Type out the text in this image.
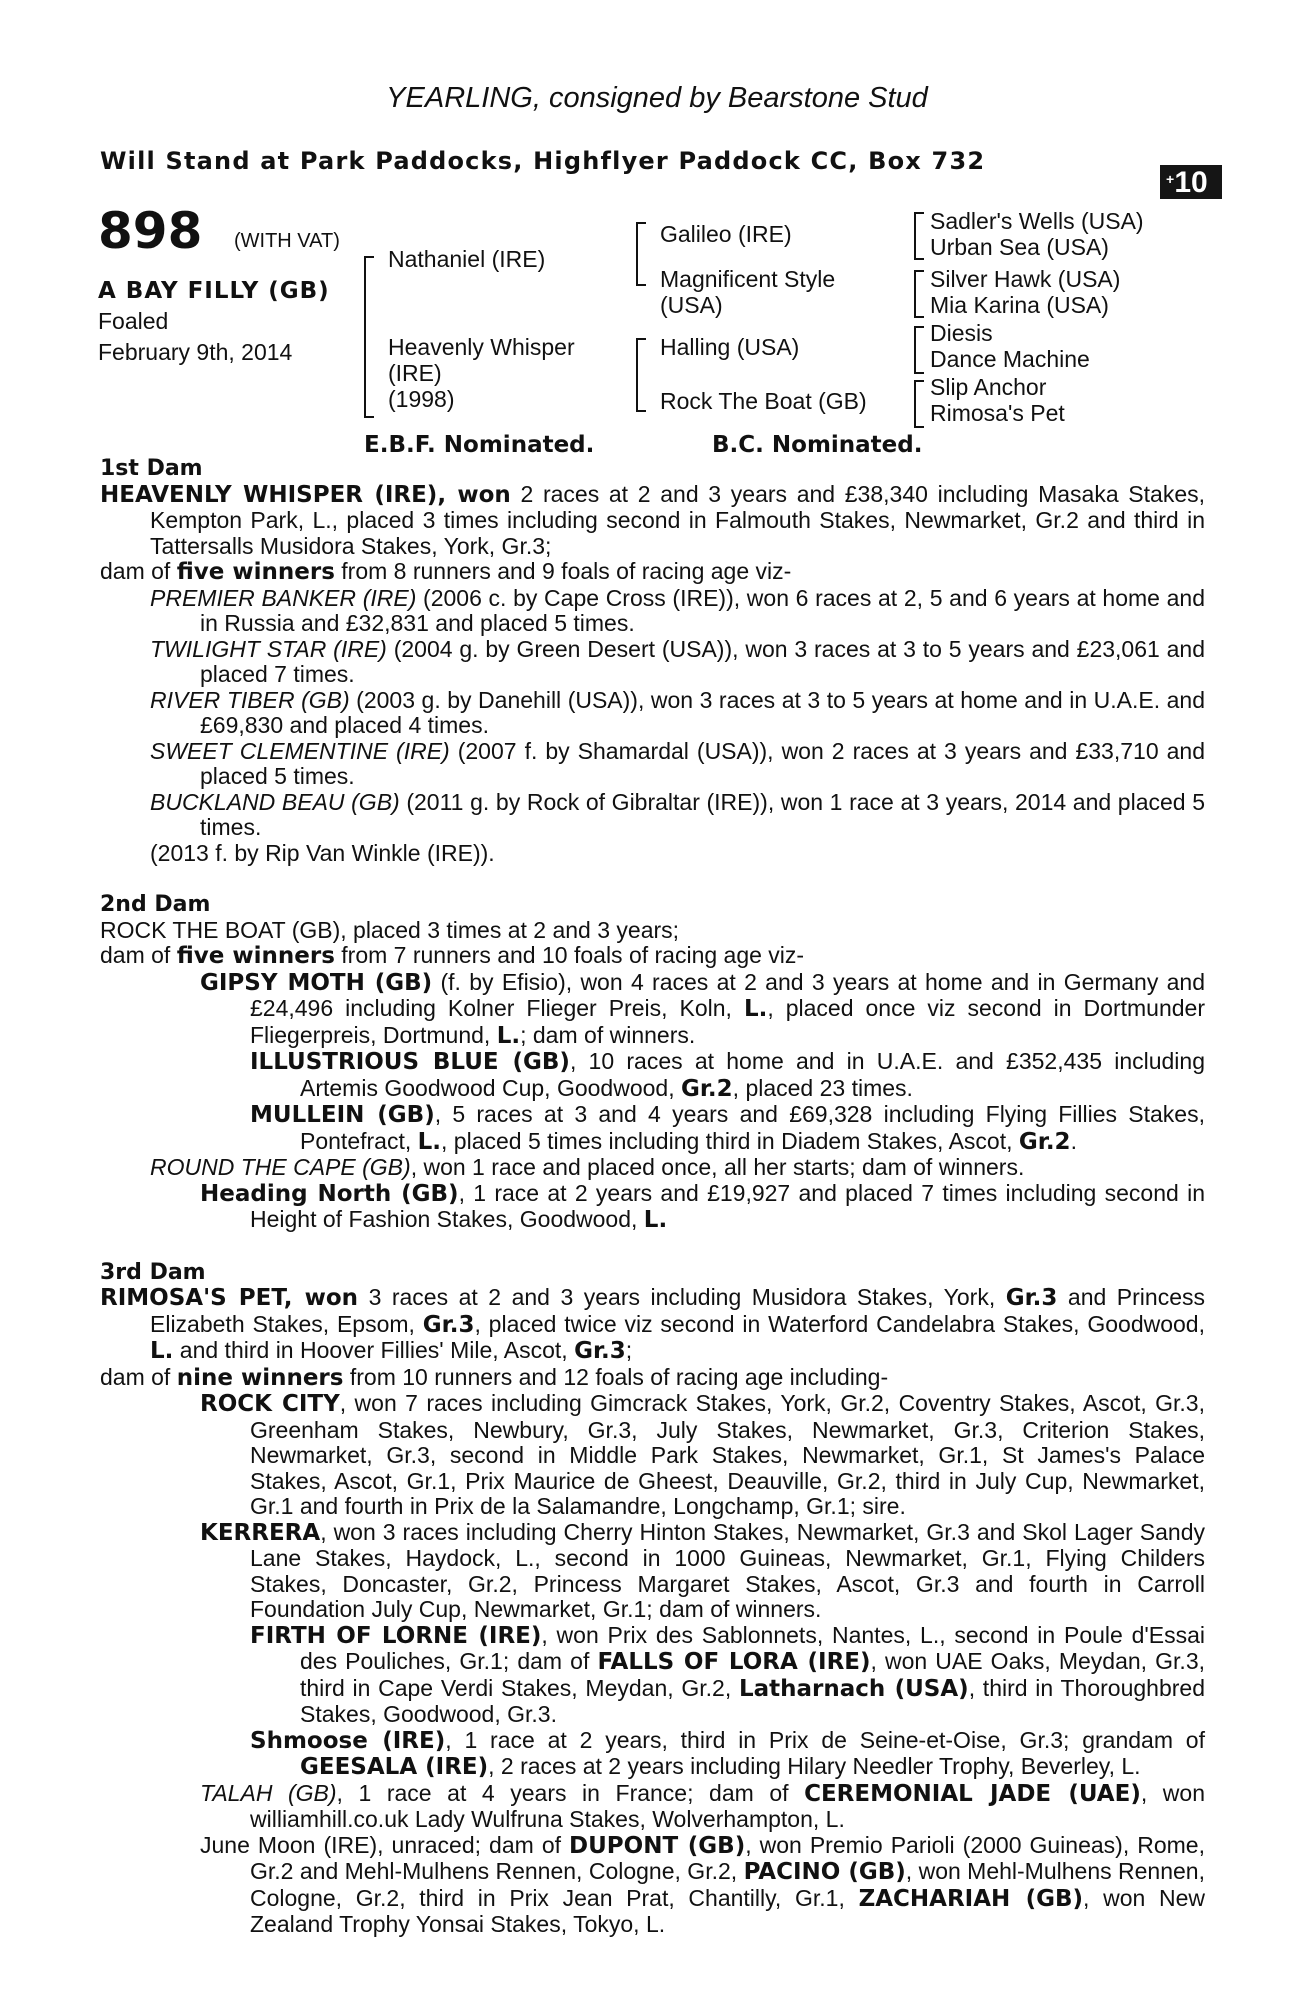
YEARLING, consigned by Bearstone Stud
Will Stand at Park Paddocks, Highflyer Paddock CC, Box 732
+ 10
898 (WITH VAT)
A BAY FILLY (GB)
Foaled
February 9th, 2014
Nathaniel (IRE)
Heavenly Whisper
(IRE)
(1998)
Galileo (IRE)
Magnificent Style
(USA)
Halling (USA)
Rock The Boat (GB)
Sadler's Wells (USA)
Urban Sea (USA)
Silver Hawk (USA)
Mia Karina (USA)
Diesis
Dance Machine
Slip Anchor
Rimosa's Pet
E.B.F. Nominated.	B.C. Nominated.

1st Dam

HEAVENLY WHISPER (IRE), won 2 races at 2 and 3 years and £38,340 including Masaka Stakes, Kempton Park, L., placed 3 times including second in Falmouth Stakes, Newmarket, Gr.2 and third in Tattersalls Musidora Stakes, York, Gr.3;

dam of five winners from 8 runners and 9 foals of racing age viz-

PREMIER BANKER (IRE) (2006 c. by Cape Cross (IRE)), won 6 races at 2, 5 and 6 years at home and in Russia and £32,831 and placed 5 times.

TWILIGHT STAR (IRE) (2004 g. by Green Desert (USA)), won 3 races at 3 to 5 years and £23,061 and placed 7 times.

RIVER TIBER (GB) (2003 g. by Danehill (USA)), won 3 races at 3 to 5 years at home and in U.A.E. and £69,830 and placed 4 times.

SWEET CLEMENTINE (IRE) (2007 f. by Shamardal (USA)), won 2 races at 3 years and £33,710 and placed 5 times.

BUCKLAND BEAU (GB) (2011 g. by Rock of Gibraltar (IRE)), won 1 race at 3 years, 2014 and placed 5 times.

(2013 f. by Rip Van Winkle (IRE)).

2nd Dam

ROCK THE BOAT (GB), placed 3 times at 2 and 3 years;

dam of five winners from 7 runners and 10 foals of racing age viz-

GIPSY MOTH (GB) (f. by Efisio), won 4 races at 2 and 3 years at home and in Germany and £24,496 including Kolner Flieger Preis, Koln, L., placed once viz second in Dortmunder Fliegerpreis, Dortmund, L.; dam of winners.

ILLUSTRIOUS BLUE (GB), 10 races at home and in U.A.E. and £352,435 including Artemis Goodwood Cup, Goodwood, Gr.2, placed 23 times.

MULLEIN (GB), 5 races at 3 and 4 years and £69,328 including Flying Fillies Stakes, Pontefract, L., placed 5 times including third in Diadem Stakes, Ascot, Gr.2.

ROUND THE CAPE (GB), won 1 race and placed once, all her starts; dam of winners.

Heading North (GB), 1 race at 2 years and £19,927 and placed 7 times including second in Height of Fashion Stakes, Goodwood, L.

3rd Dam

RIMOSA'S PET, won 3 races at 2 and 3 years including Musidora Stakes, York, Gr.3 and Princess Elizabeth Stakes, Epsom, Gr.3, placed twice viz second in Waterford Candelabra Stakes, Goodwood, L. and third in Hoover Fillies' Mile, Ascot, Gr.3;

dam of nine winners from 10 runners and 12 foals of racing age including-

ROCK CITY, won 7 races including Gimcrack Stakes, York, Gr.2, Coventry Stakes, Ascot, Gr.3, Greenham Stakes, Newbury, Gr.3, July Stakes, Newmarket, Gr.3, Criterion Stakes, Newmarket, Gr.3, second in Middle Park Stakes, Newmarket, Gr.1, St James's Palace Stakes, Ascot, Gr.1, Prix Maurice de Gheest, Deauville, Gr.2, third in July Cup, Newmarket, Gr.1 and fourth in Prix de la Salamandre, Longchamp, Gr.1; sire.

KERRERA, won 3 races including Cherry Hinton Stakes, Newmarket, Gr.3 and Skol Lager Sandy Lane Stakes, Haydock, L., second in 1000 Guineas, Newmarket, Gr.1, Flying Childers Stakes, Doncaster, Gr.2, Princess Margaret Stakes, Ascot, Gr.3 and fourth in Carroll Foundation July Cup, Newmarket, Gr.1; dam of winners.

FIRTH OF LORNE (IRE), won Prix des Sablonnets, Nantes, L., second in Poule d'Essai des Pouliches, Gr.1; dam of FALLS OF LORA (IRE), won UAE Oaks, Meydan, Gr.3, third in Cape Verdi Stakes, Meydan, Gr.2, Latharnach (USA), third in Thoroughbred Stakes, Goodwood, Gr.3.

Shmoose (IRE), 1 race at 2 years, third in Prix de Seine-et-Oise, Gr.3; grandam of GEESALA (IRE), 2 races at 2 years including Hilary Needler Trophy, Beverley, L.

TALAH (GB), 1 race at 4 years in France; dam of CEREMONIAL JADE (UAE), won williamhill.co.uk Lady Wulfruna Stakes, Wolverhampton, L.

June Moon (IRE), unraced; dam of DUPONT (GB), won Premio Parioli (2000 Guineas), Rome, Gr.2 and Mehl-Mulhens Rennen, Cologne, Gr.2, PACINO (GB), won Mehl-Mulhens Rennen, Cologne, Gr.2, third in Prix Jean Prat, Chantilly, Gr.1, ZACHARIAH (GB), won New Zealand Trophy Yonsai Stakes, Tokyo, L.
